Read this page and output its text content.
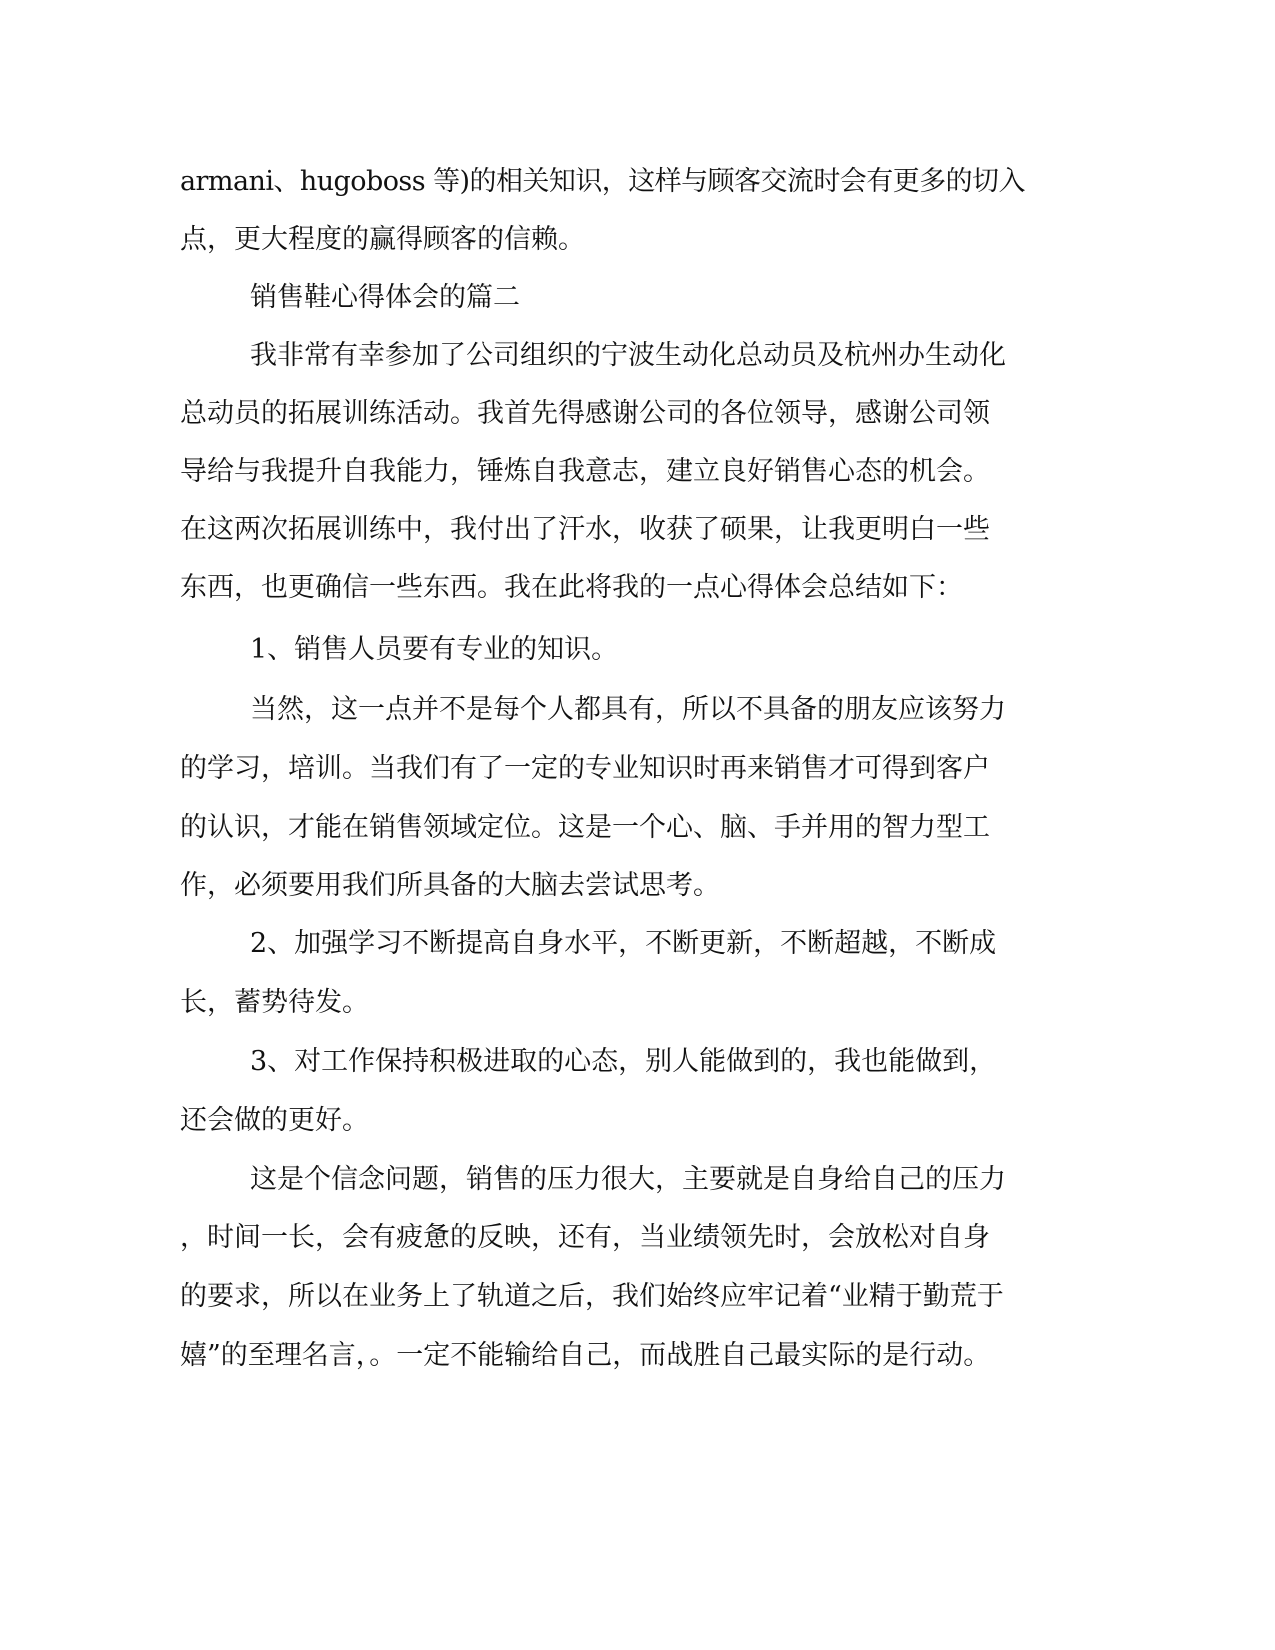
armani、hugoboss 等)的相关知识，这样与顾客交流时会有更多的切入

点，更大程度的赢得顾客的信赖。

销售鞋心得体会的篇二

我非常有幸参加了公司组织的宁波生动化总动员及杭州办生动化

总动员的拓展训练活动。我首先得感谢公司的各位领导，感谢公司领

导给与我提升自我能力，锤炼自我意志，建立良好销售心态的机会。

在这两次拓展训练中，我付出了汗水，收获了硕果，让我更明白一些

东西，也更确信一些东西。我在此将我的一点心得体会总结如下：

1、销售人员要有专业的知识。

当然，这一点并不是每个人都具有，所以不具备的朋友应该努力

的学习，培训。当我们有了一定的专业知识时再来销售才可得到客户

的认识，才能在销售领域定位。这是一个心、脑、手并用的智力型工

作，必须要用我们所具备的大脑去尝试思考。

2、加强学习不断提高自身水平，不断更新，不断超越，不断成

长，蓄势待发。

3、对工作保持积极进取的心态，别人能做到的，我也能做到，

还会做的更好。

这是个信念问题，销售的压力很大，主要就是自身给自己的压力

，时间一长，会有疲惫的反映，还有，当业绩领先时，会放松对自身

的要求，所以在业务上了轨道之后，我们始终应牢记着“业精于勤荒于

嬉”的至理名言，。一定不能输给自己，而战胜自己最实际的是行动。
